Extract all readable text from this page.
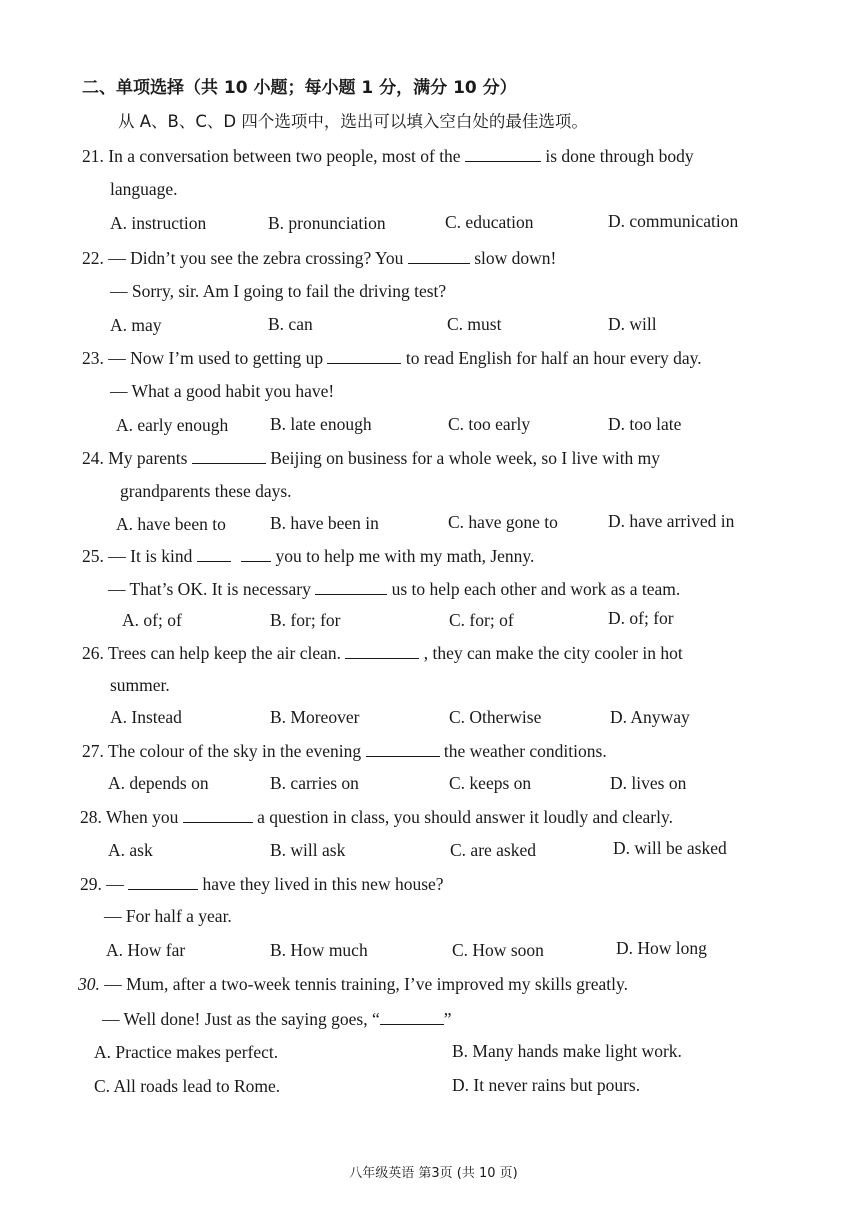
二、单项选择（共 10 小题；每小题 1 分，满分 10 分）
从 A、B、C、D 四个选项中，选出可以填入空白处的最佳选项。
21. In a conversation between two people, most of the	is done through body
language.
A. instruction	B. pronunciation	C. education	D. communication
22. — Didn’t you see the zebra crossing? You	slow down!
— Sorry, sir. Am I going to fail the driving test?
A. may	B. can	C. must	D. will
23. — Now I’m used to getting up	to read English for half an hour every day.
— What a good habit you have!
A. early enough B. late enough	C. too early	D. too late
24. My parents	Beijing on business for a whole week, so I live with my
grandparents these days.
A. have been to	B. have been in	C. have gone to	D. have arrived in
25. — It is kind	you to help me with my math, Jenny.
— That’s OK. It is necessary	us to help each other and work as a team.
A. of; of	B. for; for	C. for; of	D. of; for
26. Trees can help keep the air clean.	, they can make the city cooler in hot
summer.
A. Instead	B. Moreover	C. Otherwise	D. Anyway
27. The colour of the sky in the evening	the weather conditions.
A. depends on	B. carries on	C. keeps on	D. lives on
28. When you	a question in class, you should answer it loudly and clearly.
A. ask	B. will ask	C. are asked	D. will be asked
29. —	have they lived in this new house?
— For half a year.
A. How far	B. How much	C. How soon	D. How long
30. — Mum, after a two-week tennis training, I’ve improved my skills greatly.
— Well done! Just as the saying goes, “	”
A. Practice makes perfect.	B. Many hands make light work.
C. All roads lead to Rome.	D. It never rains but pours.
八年级英语 第3页 (共 10 页)
